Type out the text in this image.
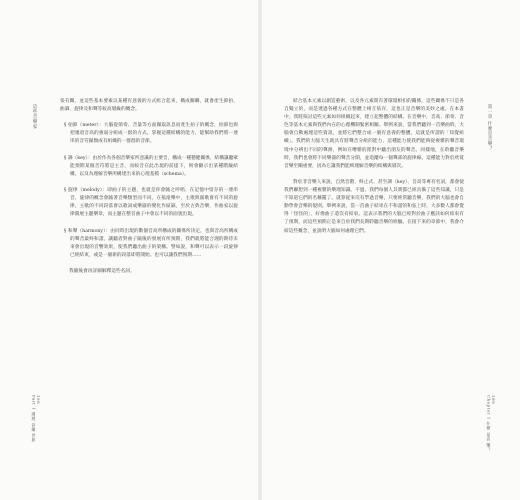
這些音樂家
198
Part 1 漫遊 音樂 世界

張有關，並這些基本要素以某種有意義的方式組合起來，構成關聯，就會產生節拍、曲調、旋律及和聲等較高層級的概念。

§ 拍節（meter）：大腦從節奏、音量等方面擷取訊息而產生拍子的概念，拍節也與把幾項音高的強弱分組成一群的方式，掌握這種結構的能力，能幫助我們將一連串的音符歸類成有組織的一群群的音節。

§ 調（key）：由於作為各個音樂家所意識的主要音，構成一種穩健關係，結構讓聽眾能預期某個音符將是主音，而較音在此出現的前提下，則會顯示出某種階級結構。以及為理解音樂所構建出來的心理基模（schema）。

§ 旋律（melody）：即曲子的主題，也就是你會隨之哼唱、在記憶中留存的一連串音，旋律的概念會隨著音樂類型而不同。在搖滾樂中，主歌與副歌會有不同的旋律，主歌的不同段落會以歌詞或樂器的變化作區隔，至於古典音樂，作曲家以旋律開展主題樂章，而主題在整首曲子中會以不同的面貌出現。

§ 和聲（harmony）：由同時出現的數個音高所構成的關係所決定，也與音高所構成的聲音最終和諧。讓聽者對曲子隨後的發展有所預期，我們就將能合理的期待未來會出現的音響效果，使我們聽出曲子的架構。譬如說，和聲可以表示一段旋律已經結束，或是一個新的段落即將開始。也可以讓我們預期……

我隨後會再詳細解釋這些名詞。

第一章 什麼是音樂？
199
Chapter 1 什麼 是音 樂？

結合基本元素以創造藝術，以及各元素間有著環環相扣的關係，這些關係不只是各自獨立的，而是透過各種方式在整體上相互依存，這也正是音樂的美妙之處。在本書中，我將探討這些元素如何組織起來，建立起整體的結構。在音樂中，音高、節奏、音色等基本元素與我們內在的心理機制緊密相關。舉例來說，當我們聽到一首樂曲時，大腦會自動處理這些資訊，並將它們整合成一個有意義的整體，這就是所謂的「知覺組織」。我們的大腦天生就具有將聲音分組的能力，這種能力使我們能夠從複雜的聲音環境中分辨出不同的聲源，例如在嘈雜的派對中聽出朋友的聲音。同樣地，在聆聽音樂時，我們也會將不同樂器的聲音分開，並追蹤每一個聲部的旋律線。這種能力對於欣賞音樂至關重要，因為它讓我們能夠理解音樂的結構與層次。

對於非音樂人來說，自然音階、終止式、甚至調（key）、音高等專有名詞，都會使我們聯想到一種複雜的樂理知識。不過，我們每個人其實都已經具備了這些知識，只是不知道它們的名稱罷了。就算從來沒有學過音樂，只要經常聽音樂，我們的大腦也會自動學會音樂的規則。舉例來說，當一首曲子結束在不和諧的和弦上時，大多數人都會覺得「怪怪的」，好像曲子還沒有結束。這表示我們的大腦已經對於曲子應該如何結束有了預期，而這些預期正是來自於我們長期聆聽音樂的經驗。在接下來的章節中，我會介紹這些概念，並說明大腦如何處理它們。
